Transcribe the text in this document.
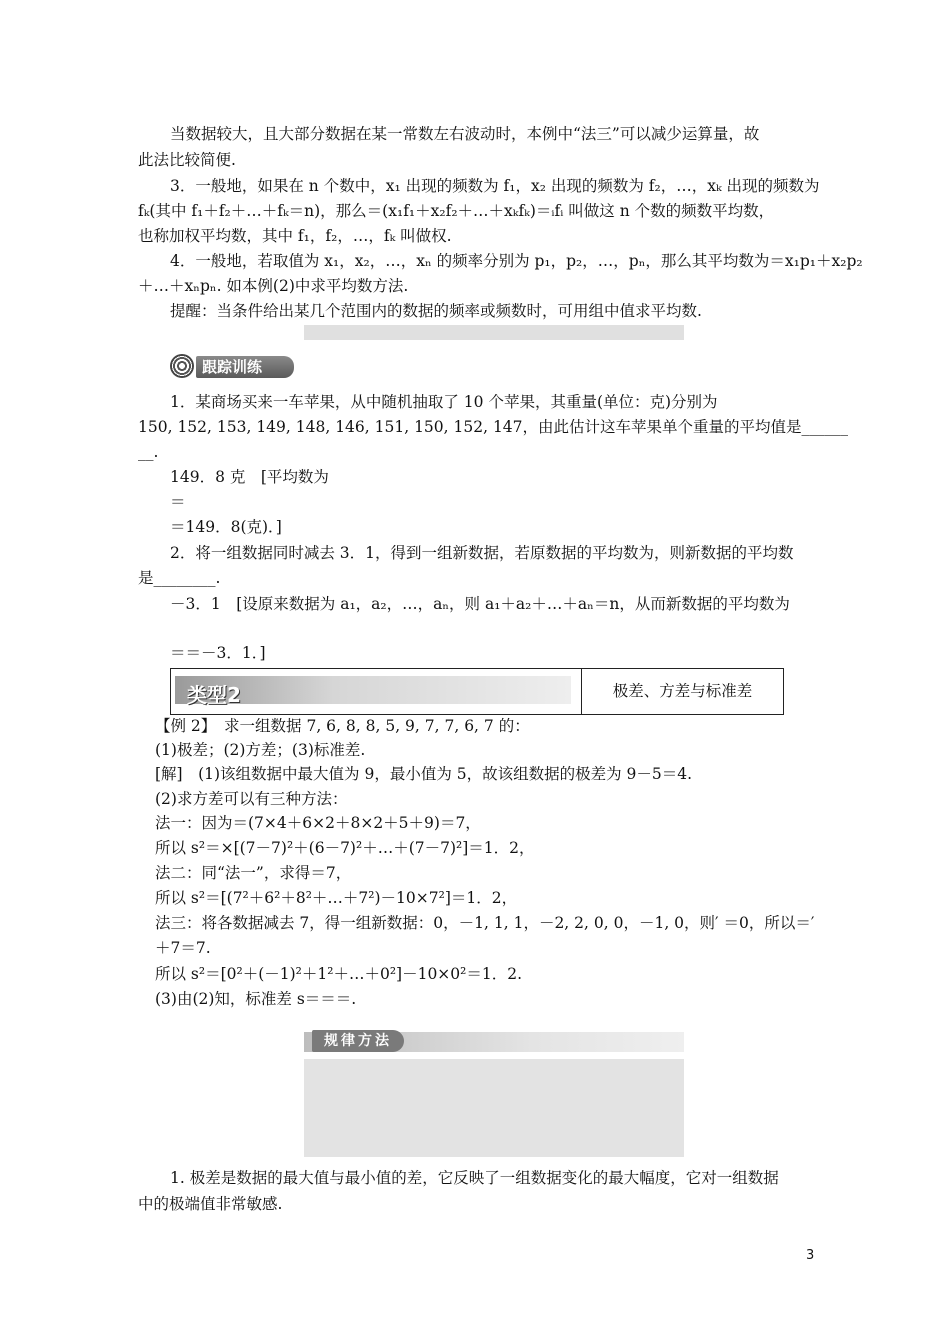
当数据较大，且大部分数据在某一常数左右波动时，本例中“法三”可以减少运算量，故
此法比较简便.
3．一般地，如果在 n 个数中，x₁ 出现的频数为 f₁，x₂ 出现的频数为 f₂，…，xₖ 出现的频数为
fₖ(其中 f₁＋f₂＋…＋fₖ＝n)，那么＝(x₁f₁＋x₂f₂＋…＋xₖfₖ)＝ᵢfᵢ 叫做这 n 个数的频数平均数，
也称加权平均数，其中 f₁，f₂，…，fₖ 叫做权.
4．一般地，若取值为 x₁，x₂，…，xₙ 的频率分别为 p₁，p₂，…，pₙ，那么其平均数为＝x₁p₁＋x₂p₂
＋…＋xₙpₙ. 如本例(2)中求平均数方法.
提醒：当条件给出某几个范围内的数据的频率或频数时，可用组中值求平均数.
跟踪训练
1．某商场买来一车苹果，从中随机抽取了 10 个苹果，其重量(单位：克)分别为
150, 152, 153, 149, 148, 146, 151, 150, 152, 147，由此估计这车苹果单个重量的平均值是______
__.
149．8 克　[平均数为
＝
＝149．8(克)．]
2．将一组数据同时减去 3．1，得到一组新数据，若原数据的平均数为，则新数据的平均数
是________.
－3．1　[设原来数据为 a₁，a₂，…，aₙ，则 a₁＋a₂＋…＋aₙ＝n，从而新数据的平均数为
＝＝－3．1．]
类型2	极差、方差与标准差
【例 2】　求一组数据 7, 6, 8, 8, 5, 9, 7, 7, 6, 7 的：
(1)极差；(2)方差；(3)标准差.
[解]　(1)该组数据中最大值为 9，最小值为 5，故该组数据的极差为 9－5＝4.
(2)求方差可以有三种方法：
法一：因为＝(7×4＋6×2＋8×2＋5＋9)＝7，
所以 s²＝×[(7－7)²＋(6－7)²＋…＋(7－7)²]＝1．2，
法二：同“法一”，求得＝7，
所以 s²＝[(7²＋6²＋8²＋…＋7²)－10×7²]＝1．2，
法三：将各数据减去 7，得一组新数据：0，－1, 1, 1，－2, 2, 0, 0，－1, 0，则′ ＝0，所以＝′
＋7＝7.
所以 s²＝[0²＋(－1)²＋1²＋…＋0²]－10×0²＝1．2.
(3)由(2)知，标准差 s＝＝＝.
规律方法
1. 极差是数据的最大值与最小值的差，它反映了一组数据变化的最大幅度，它对一组数据
中的极端值非常敏感.
3
